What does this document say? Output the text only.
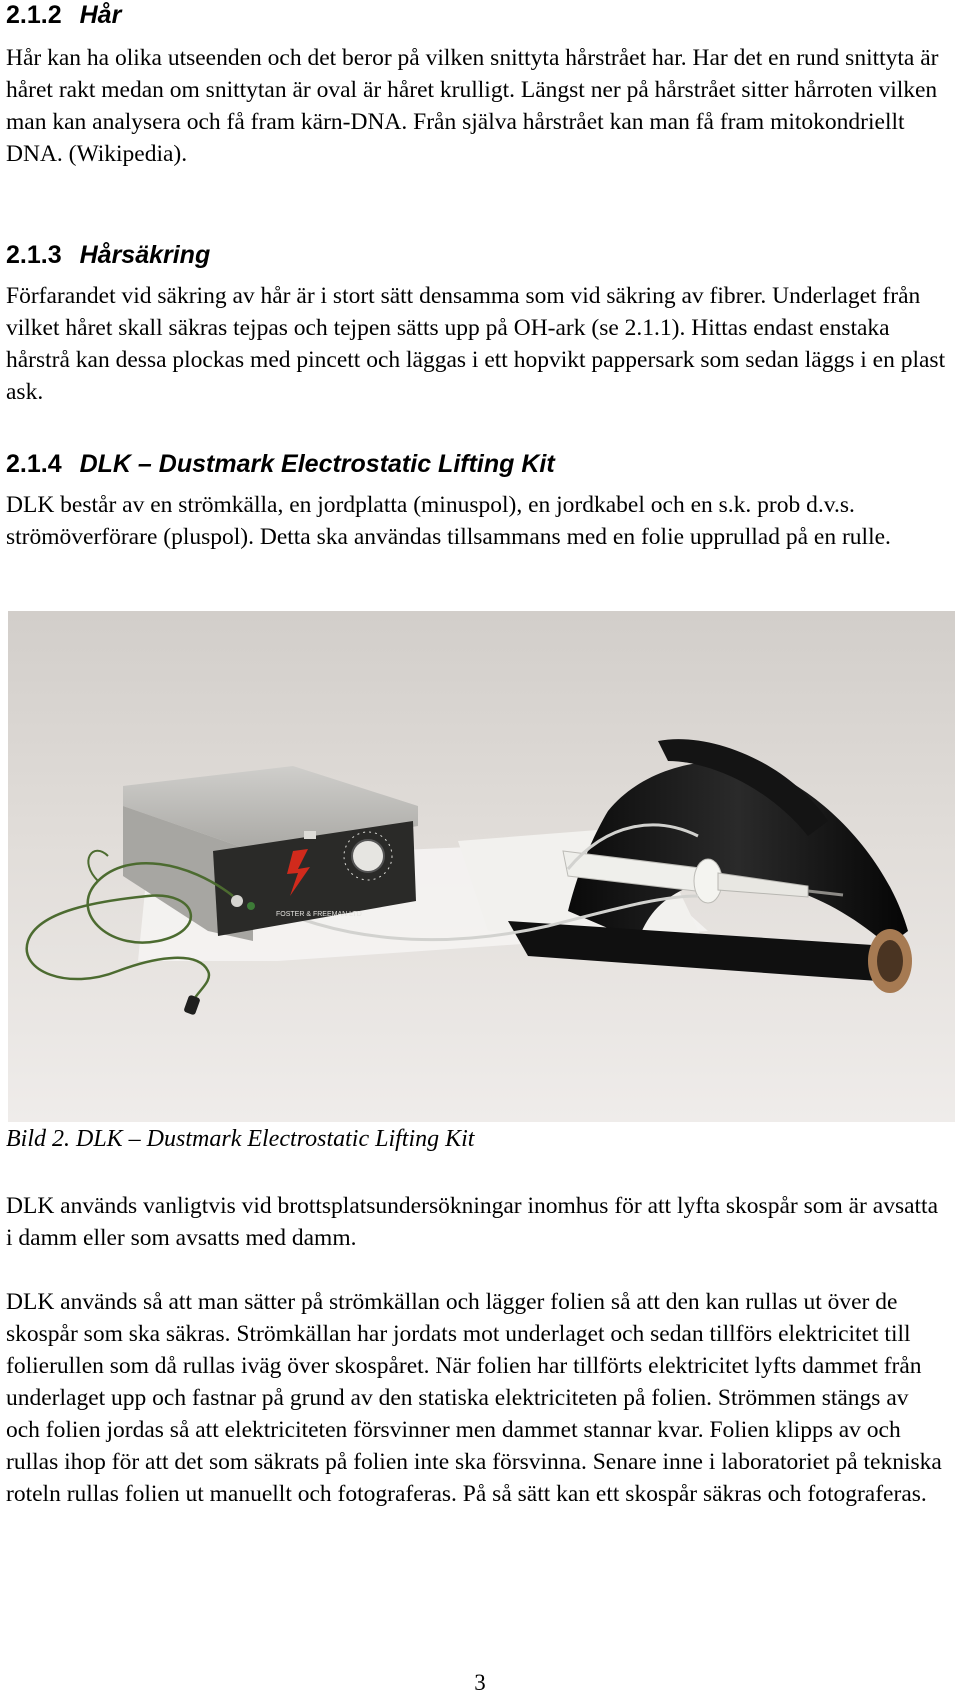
2.1.2 Hår

Hår kan ha olika utseenden och det beror på vilken snittyta hårstrået har. Har det en rund snittyta är håret rakt medan om snittytan är oval är håret krulligt. Längst ner på hårstrået sitter hårroten vilken man kan analysera och få fram kärn-DNA. Från själva hårstrået kan man få fram mitokondriellt DNA. (Wikipedia).

2.1.3 Hårsäkring

Förfarandet vid säkring av hår är i stort sätt densamma som vid säkring av fibrer. Underlaget från vilket håret skall säkras tejpas och tejpen sätts upp på OH-ark (se 2.1.1). Hittas endast enstaka hårstrå kan dessa plockas med pincett och läggas i ett hopvikt pappersark som sedan läggs i en plast ask.

2.1.4 DLK – Dustmark Electrostatic Lifting Kit

DLK består av en strömkälla, en jordplatta (minuspol), en jordkabel och en s.k. prob d.v.s. strömöverförare (pluspol). Detta ska användas tillsammans med en folie upprullad på en rulle.

FOSTER & FREEMAN LTD

Bild 2. DLK – Dustmark Electrostatic Lifting Kit

DLK används vanligtvis vid brottsplatsundersökningar inomhus för att lyfta skospår som är avsatta i damm eller som avsatts med damm.

DLK används så att man sätter på strömkällan och lägger folien så att den kan rullas ut över de skospår som ska säkras. Strömkällan har jordats mot underlaget och sedan tillförs elektricitet till folierullen som då rullas iväg över skospåret. När folien har tillförts elektricitet lyfts dammet från underlaget upp och fastnar på grund av den statiska elektriciteten på folien. Strömmen stängs av och folien jordas så att elektriciteten försvinner men dammet stannar kvar. Folien klipps av och rullas ihop för att det som säkrats på folien inte ska försvinna. Senare inne i laboratoriet på tekniska roteln rullas folien ut manuellt och fotograferas. På så sätt kan ett skospår säkras och fotograferas.

3
